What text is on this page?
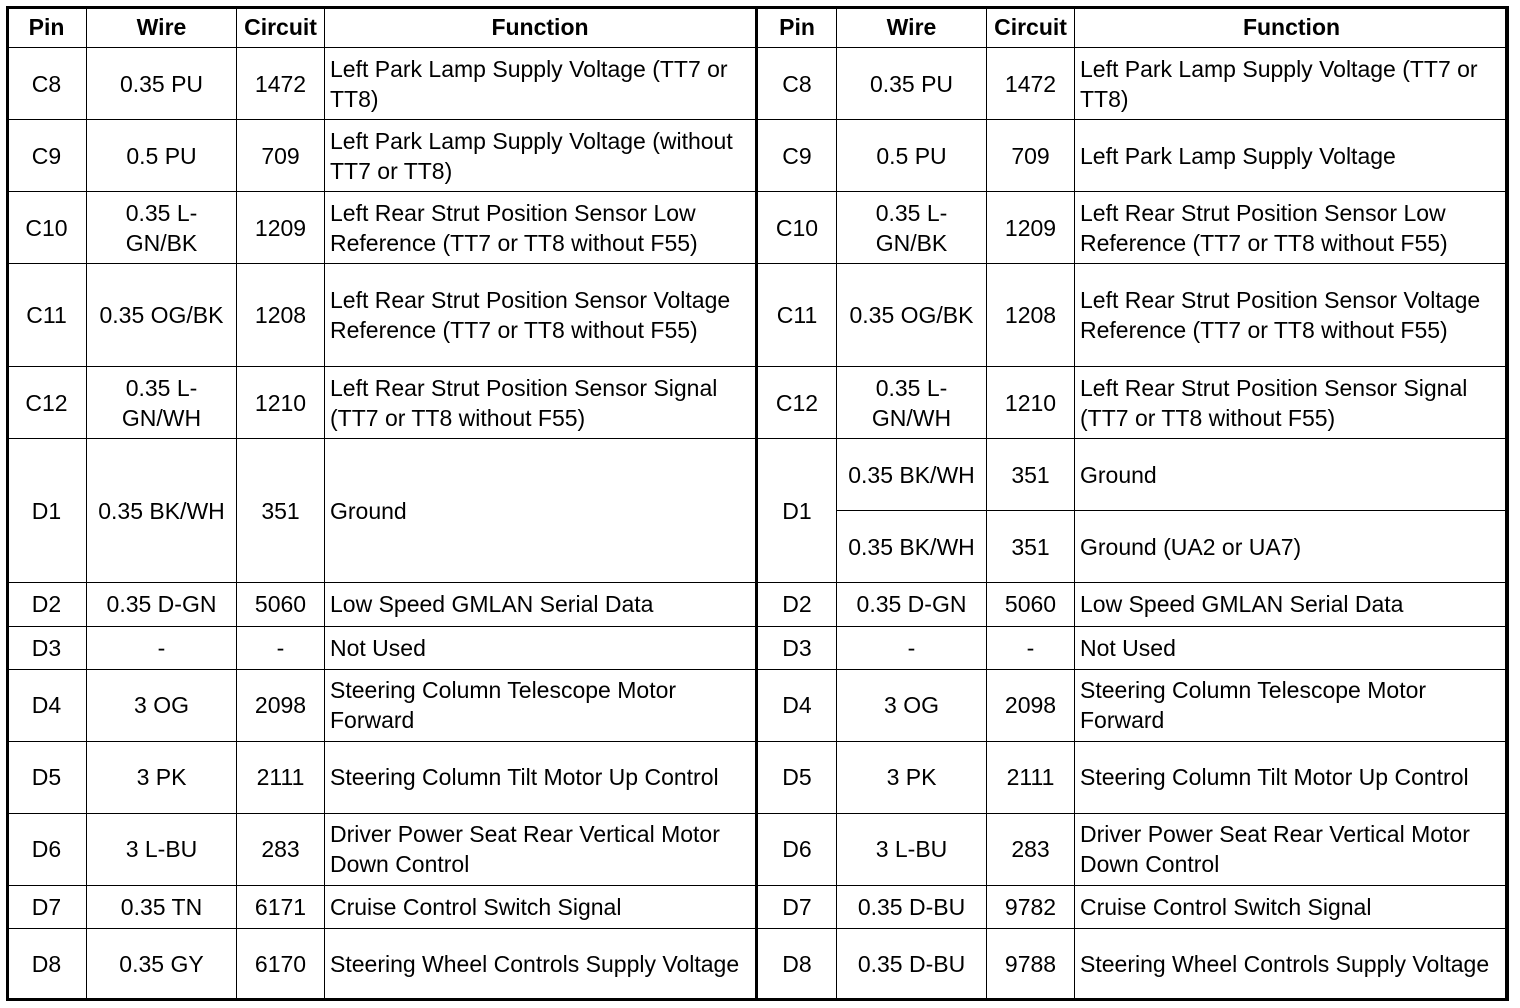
Pin	Wire	Circuit	Function	Pin	Wire	Circuit	Function
C8	0.35 PU	1472	Left Park Lamp Supply Voltage (TT7 or TT8)	C8	0.35 PU	1472	Left Park Lamp Supply Voltage (TT7 or TT8)
C9	0.5 PU	709	Left Park Lamp Supply Voltage (without TT7 or TT8)	C9	0.5 PU	709	Left Park Lamp Supply Voltage
C10	0.35 L-GN/BK	1209	Left Rear Strut Position Sensor Low Reference (TT7 or TT8 without F55)	C10	0.35 L-GN/BK	1209	Left Rear Strut Position Sensor Low Reference (TT7 or TT8 without F55)
C11	0.35 OG/BK	1208	Left Rear Strut Position Sensor Voltage Reference (TT7 or TT8 without F55)	C11	0.35 OG/BK	1208	Left Rear Strut Position Sensor Voltage Reference (TT7 or TT8 without F55)
C12	0.35 L-GN/WH	1210	Left Rear Strut Position Sensor Signal (TT7 or TT8 without F55)	C12	0.35 L-GN/WH	1210	Left Rear Strut Position Sensor Signal (TT7 or TT8 without F55)
D1	0.35 BK/WH	351	Ground	D1	0.35 BK/WH	351	Ground
					0.35 BK/WH	351	Ground (UA2 or UA7)
D2	0.35 D-GN	5060	Low Speed GMLAN Serial Data	D2	0.35 D-GN	5060	Low Speed GMLAN Serial Data
D3	-	-	Not Used	D3	-	-	Not Used
D4	3 OG	2098	Steering Column Telescope Motor Forward	D4	3 OG	2098	Steering Column Telescope Motor Forward
D5	3 PK	2111	Steering Column Tilt Motor Up Control	D5	3 PK	2111	Steering Column Tilt Motor Up Control
D6	3 L-BU	283	Driver Power Seat Rear Vertical Motor Down Control	D6	3 L-BU	283	Driver Power Seat Rear Vertical Motor Down Control
D7	0.35 TN	6171	Cruise Control Switch Signal	D7	0.35 D-BU	9782	Cruise Control Switch Signal
D8	0.35 GY	6170	Steering Wheel Controls Supply Voltage	D8	0.35 D-BU	9788	Steering Wheel Controls Supply Voltage
